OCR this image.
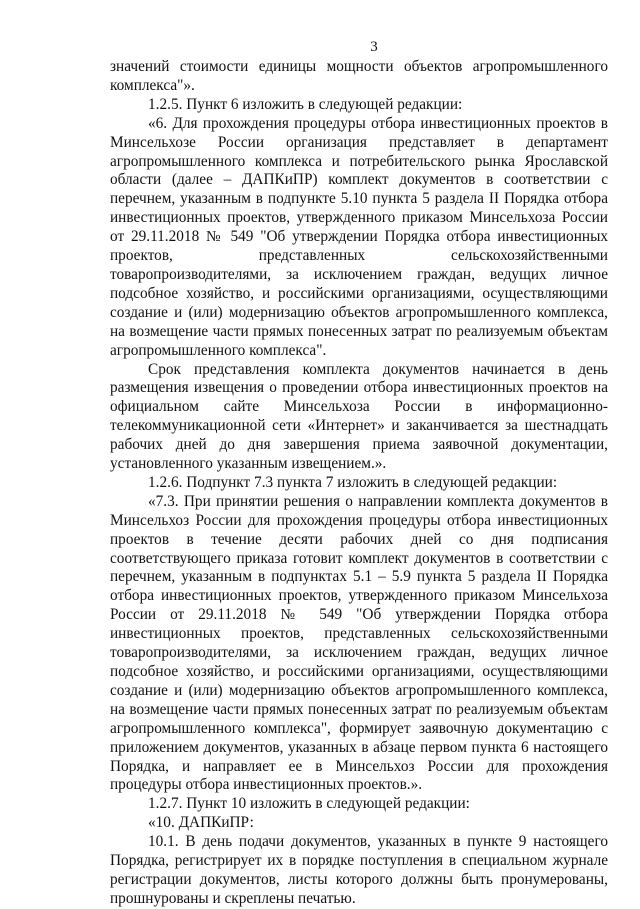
3

значений стоимости единицы мощности объектов агропромышленного комплекса"».

1.2.5. Пункт 6 изложить в следующей редакции:

«6. Для прохождения процедуры отбора инвестиционных проектов в Минсельхозе России организация представляет в департамент агропромышленного комплекса и потребительского рынка Ярославской области (далее – ДАПКиПР) комплект документов в соответствии с перечнем, указанным в подпункте 5.10 пункта 5 раздела II Порядка отбора инвестиционных проектов, утвержденного приказом Минсельхоза России от 29.11.2018 № 549 "Об утверждении Порядка отбора инвестиционных проектов, представленных сельскохозяйственными товаропроизводителями, за исключением граждан, ведущих личное подсобное хозяйство, и российскими организациями, осуществляющими создание и (или) модернизацию объектов агропромышленного комплекса, на возмещение части прямых понесенных затрат по реализуемым объектам агропромышленного комплекса".

Срок представления комплекта документов начинается в день размещения извещения о проведении отбора инвестиционных проектов на официальном сайте Минсельхоза России в информационно-телекоммуникационной сети «Интернет» и заканчивается за шестнадцать рабочих дней до дня завершения приема заявочной документации, установленного указанным извещением.».

1.2.6. Подпункт 7.3 пункта 7 изложить в следующей редакции:

«7.3. При принятии решения о направлении комплекта документов в Минсельхоз России для прохождения процедуры отбора инвестиционных проектов в течение десяти рабочих дней со дня подписания соответствующего приказа готовит комплект документов в соответствии с перечнем, указанным в подпунктах 5.1 – 5.9 пункта 5 раздела II Порядка отбора инвестиционных проектов, утвержденного приказом Минсельхоза России от 29.11.2018 № 549 "Об утверждении Порядка отбора инвестиционных проектов, представленных сельскохозяйственными товаропроизводителями, за исключением граждан, ведущих личное подсобное хозяйство, и российскими организациями, осуществляющими создание и (или) модернизацию объектов агропромышленного комплекса, на возмещение части прямых понесенных затрат по реализуемым объектам агропромышленного комплекса", формирует заявочную документацию с приложением документов, указанных в абзаце первом пункта 6 настоящего Порядка, и направляет ее в Минсельхоз России для прохождения процедуры отбора инвестиционных проектов.».

1.2.7. Пункт 10 изложить в следующей редакции:

«10. ДАПКиПР:

10.1. В день подачи документов, указанных в пункте 9 настоящего Порядка, регистрирует их в порядке поступления в специальном журнале регистрации документов, листы которого должны быть пронумерованы, прошнурованы и скреплены печатью.
